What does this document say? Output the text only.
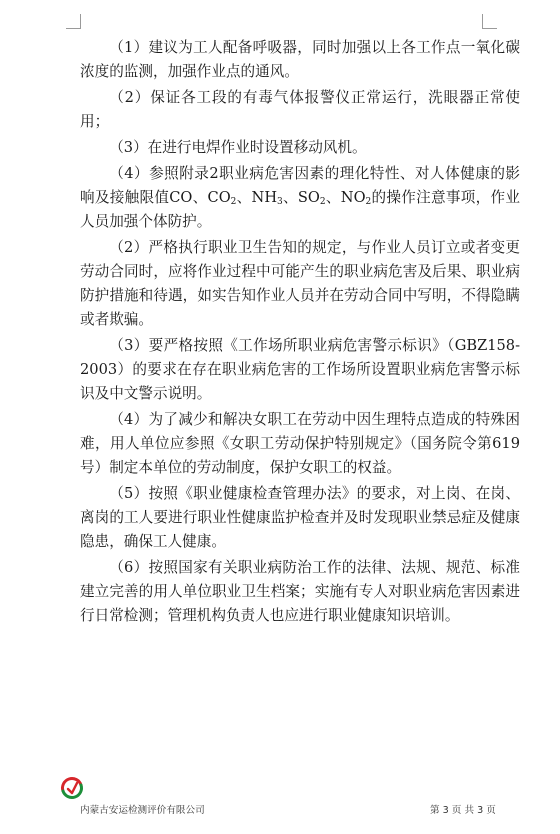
（1）建议为工人配备呼吸器，同时加强以上各工作点一氧化碳浓度的监测，加强作业点的通风。

（2）保证各工段的有毒气体报警仪正常运行，洗眼器正常使用；

（3）在进行电焊作业时设置移动风机。

（4）参照附录2职业病危害因素的理化特性、对人体健康的影响及接触限值CO、$CO_2$、$NH_3$、$SO_2$、$NO_2$的操作注意事项，作业人员加强个体防护。

（2）严格执行职业卫生告知的规定，与作业人员订立或者变更劳动合同时，应将作业过程中可能产生的职业病危害及后果、职业病防护措施和待遇，如实告知作业人员并在劳动合同中写明，不得隐瞒或者欺骗。

（3）要严格按照《工作场所职业病危害警示标识》（GBZ158-2003）的要求在存在职业病危害的工作场所设置职业病危害警示标识及中文警示说明。

（4）为了减少和解决女职工在劳动中因生理特点造成的特殊困难，用人单位应参照《女职工劳动保护特别规定》（国务院令第619号）制定本单位的劳动制度，保护女职工的权益。

（5）按照《职业健康检查管理办法》的要求，对上岗、在岗、离岗的工人要进行职业性健康监护检查并及时发现职业禁忌症及健康隐患，确保工人健康。

（6）按照国家有关职业病防治工作的法律、法规、规范、标准建立完善的用人单位职业卫生档案；实施有专人对职业病危害因素进行日常检测；管理机构负责人也应进行职业健康知识培训。

内蒙古安运检测评价有限公司	第 3 页 共 3 页
